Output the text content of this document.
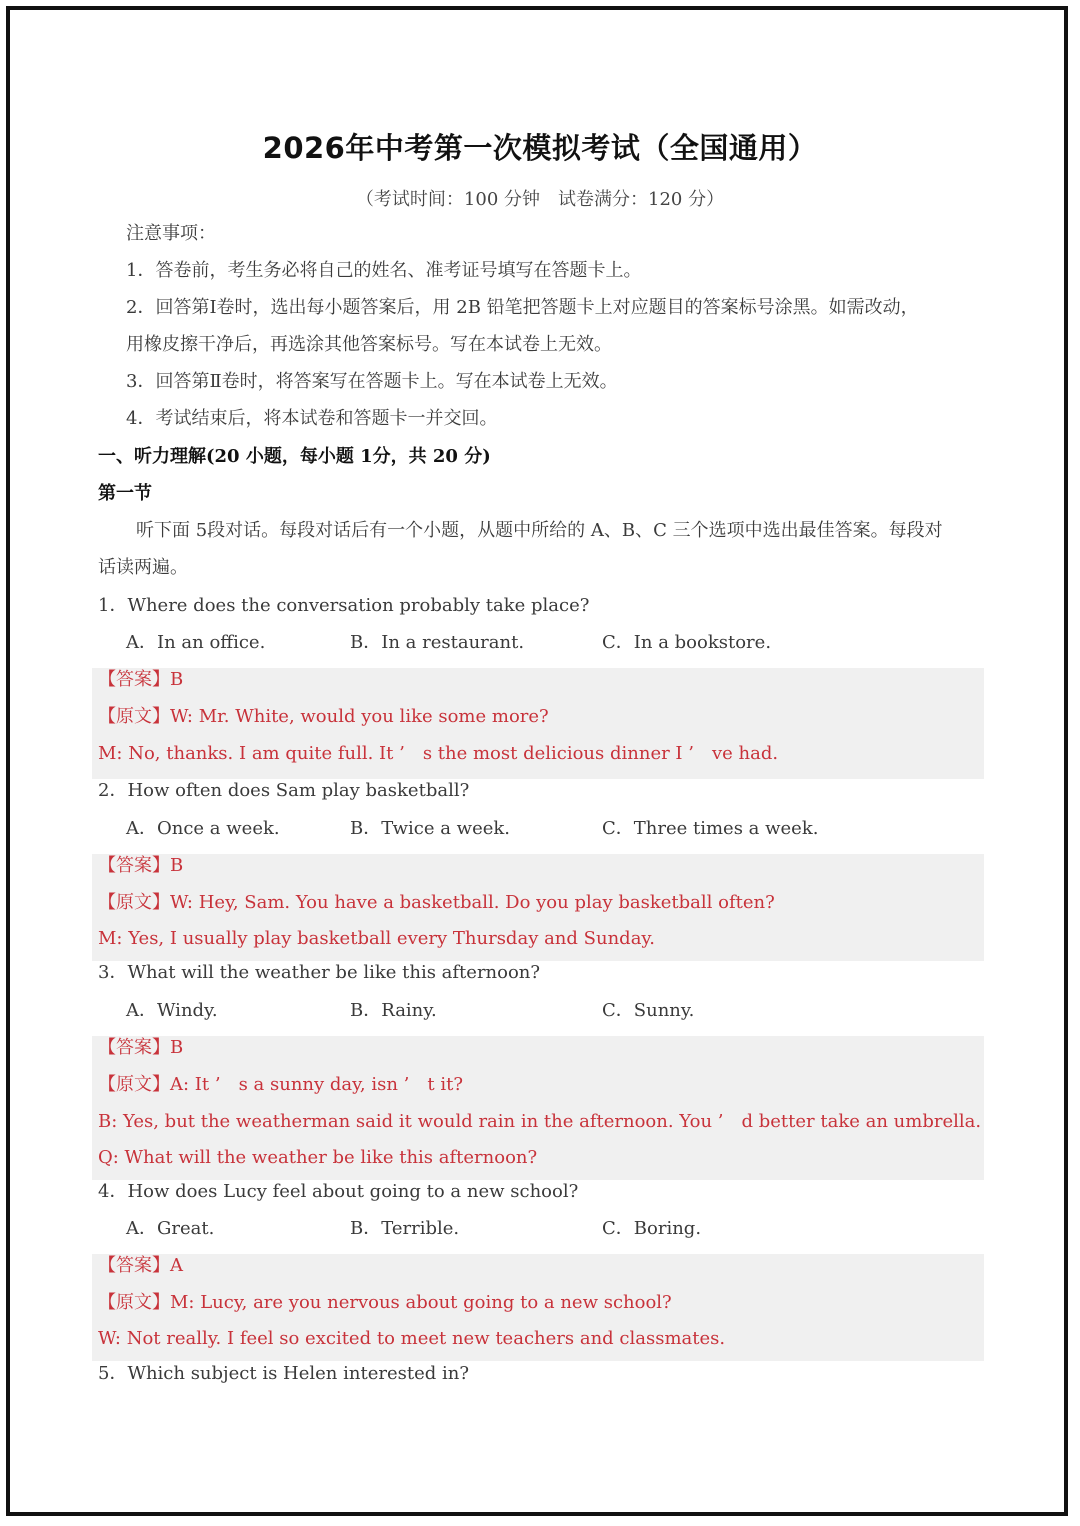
2026年中考第一次模拟考试（全国通用）
（考试时间：100 分钟　试卷满分：120 分）
注意事项：
1．答卷前，考生务必将自己的姓名、准考证号填写在答题卡上。
2．回答第Ⅰ卷时，选出每小题答案后，用 2B 铅笔把答题卡上对应题目的答案标号涂黑。如需改动，
用橡皮擦干净后，再选涂其他答案标号。写在本试卷上无效。
3．回答第Ⅱ卷时，将答案写在答题卡上。写在本试卷上无效。
4．考试结束后，将本试卷和答题卡一并交回。
一、听力理解(20 小题，每小题 1分，共 20 分)
第一节
听下面 5段对话。每段对话后有一个小题，从题中所给的 A、B、C 三个选项中选出最佳答案。每段对
话读两遍。
1．Where does the conversation probably take place?
A．In an office.	B．In a restaurant.	C．In a bookstore.
【答案】B
【原文】W: Mr. White, would you like some more?
M: No, thanks. I am quite full. It ’　s the most delicious dinner I ’　ve had.
2．How often does Sam play basketball?
A．Once a week.	B．Twice a week.	C．Three times a week.
【答案】B
【原文】W: Hey, Sam. You have a basketball. Do you play basketball often?
M: Yes, I usually play basketball every Thursday and Sunday.
3．What will the weather be like this afternoon?
A．Windy.	B．Rainy.	C．Sunny.
【答案】B
【原文】A: It ’　s a sunny day, isn ’　t it?
B: Yes, but the weatherman said it would rain in the afternoon. You ’　d better take an umbrella.
Q: What will the weather be like this afternoon?
4．How does Lucy feel about going to a new school?
A．Great.	B．Terrible.	C．Boring.
【答案】A
【原文】M: Lucy, are you nervous about going to a new school?
W: Not really. I feel so excited to meet new teachers and classmates.
5．Which subject is Helen interested in?
